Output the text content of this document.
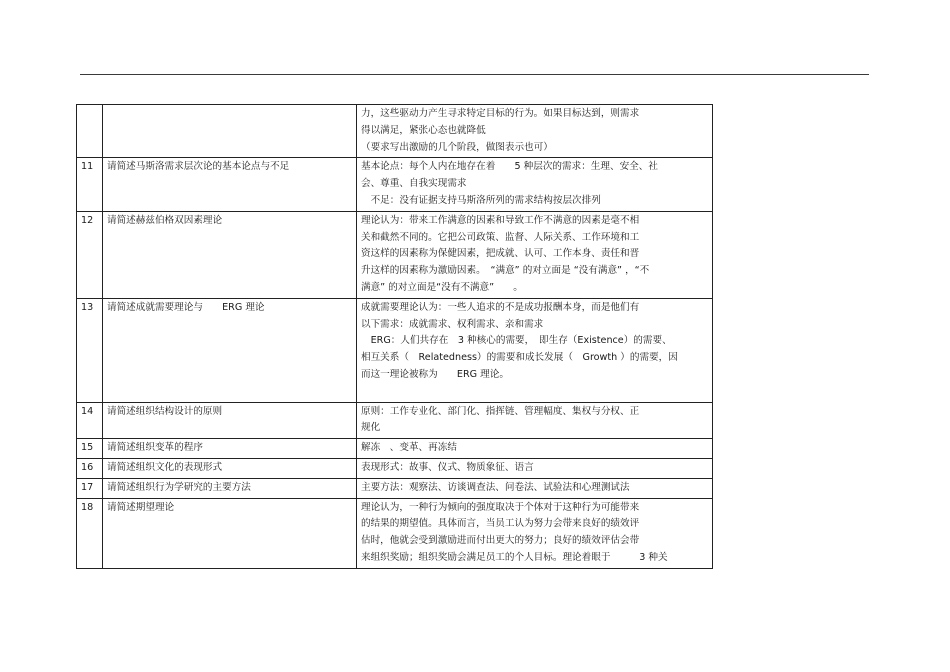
		力，这些驱动力产生寻求特定目标的行为。如果目标达到，则需求
得以满足，紧张心态也就降低
（要求写出激励的几个阶段，做图表示也可）

11	请简述马斯洛需求层次论的基本论点与不足	基本论点：每个人内在地存在着　　5 种层次的需求：生理、安全、社
会、尊重、自我实现需求
　不足：没有证据支持马斯洛所列的需求结构按层次排列

12	请简述赫兹伯格双因素理论	理论认为：带来工作满意的因素和导致工作不满意的因素是毫不相
关和截然不同的。它把公司政策、监督、人际关系、工作环境和工
资这样的因素称为保健因素，把成就、认可、工作本身、责任和晋
升这样的因素称为激励因素。　“满意” 的对立面是 “没有满意” ，“不
满意” 的对立面是“没有不满意”　　。

13	请简述成就需要理论与　　ERG 理论	成就需要理论认为：一些人追求的不是成功报酬本身，而是他们有
以下需求：成就需求、权利需求、亲和需求
　ERG：人们共存在　3 种核心的需要，　即生存（Existence）的需要、
相互关系（　Relatedness）的需要和成长发展（　Growth ）的需要，因
而这一理论被称为　　ERG 理论。

14	请简述组织结构设计的原则	原则：工作专业化、部门化、指挥链、管理幅度、集权与分权、正
规化

15	请简述组织变革的程序	解冻　、变革、再冻结

16	请简述组织文化的表现形式	表现形式：故事、仪式、物质象征、语言

17	请简述组织行为学研究的主要方法	主要方法：观察法、访谈调查法、问卷法、试验法和心理测试法

18	请简述期望理论	理论认为，一种行为倾向的强度取决于个体对于这种行为可能带来
的结果的期望值。具体而言，当员工认为努力会带来良好的绩效评
估时，他就会受到激励进而付出更大的努力；良好的绩效评估会带
来组织奖励；组织奖励会满足员工的个人目标。理论着眼于　　　3 种关
